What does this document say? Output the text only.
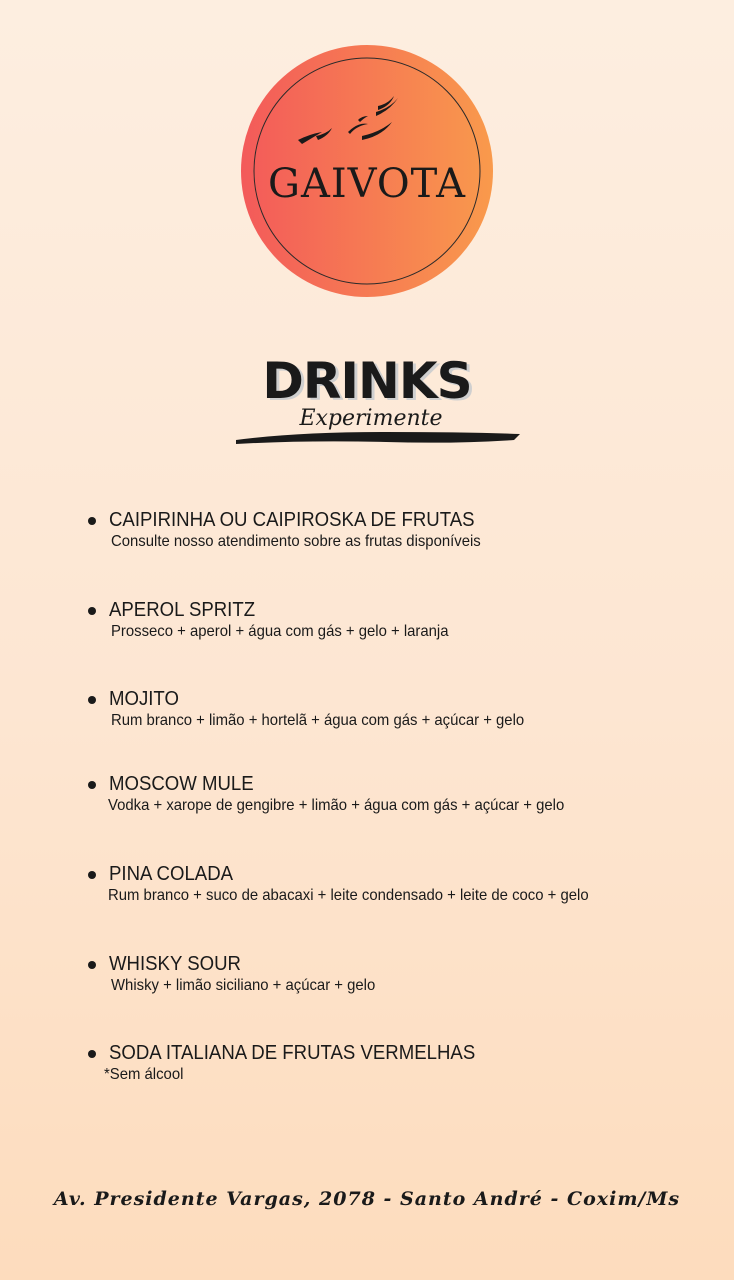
GAIVOTA
DRINKS
Experimente
CAIPIRINHA OU CAIPIROSKA DE FRUTAS
Consulte nosso atendimento sobre as frutas disponíveis
APEROL SPRITZ
Prosseco + aperol + água com gás + gelo + laranja
MOJITO
Rum branco + limão + hortelã + água com gás + açúcar + gelo
MOSCOW MULE
Vodka + xarope de gengibre + limão + água com gás + açúcar + gelo
PINA COLADA
Rum branco + suco de abacaxi + leite condensado + leite de coco + gelo
WHISKY SOUR
Whisky + limão siciliano + açúcar + gelo
SODA ITALIANA DE FRUTAS VERMELHAS
*Sem álcool
Av. Presidente Vargas, 2078 - Santo André - Coxim/Ms
